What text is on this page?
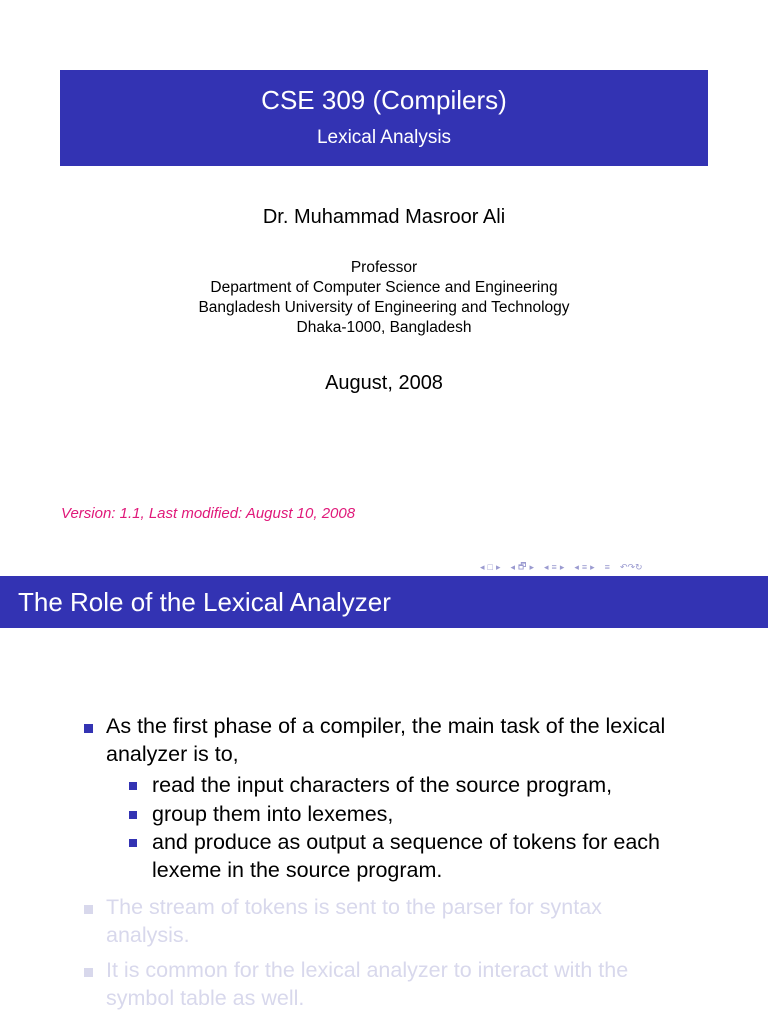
CSE 309 (Compilers)
Lexical Analysis
Dr. Muhammad Masroor Ali
Professor
Department of Computer Science and Engineering
Bangladesh University of Engineering and Technology
Dhaka-1000, Bangladesh
August, 2008
Version: 1.1, Last modified: August 10, 2008
◂ □ ▸ ◂ 🗗 ▸ ◂ ≡ ▸ ◂ ≡ ▸ ≡ ↶↷↻
The Role of the Lexical Analyzer
As the first phase of a compiler, the main task of the lexical
analyzer is to,
read the input characters of the source program,
group them into lexemes,
and produce as output a sequence of tokens for each
lexeme in the source program.
The stream of tokens is sent to the parser for syntax
analysis.
It is common for the lexical analyzer to interact with the
symbol table as well.
